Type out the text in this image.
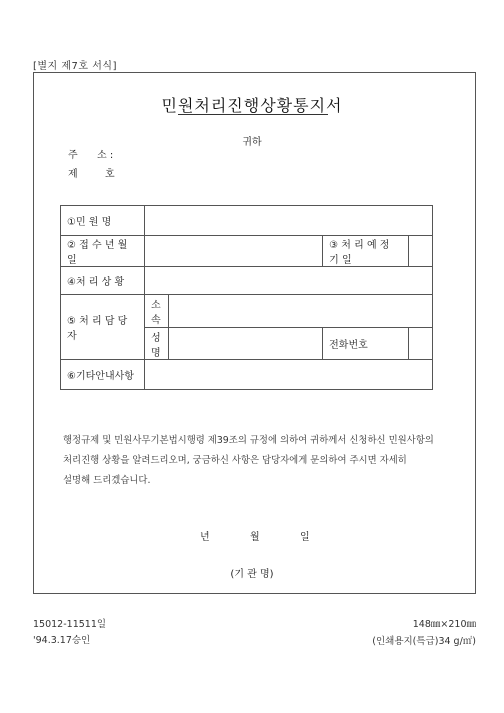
[별지 제7호 서식]
민원처리진행상황통지서
귀하
주 소 :
제	호
①민 원 명				
② 접 수 년 월 일			③ 처 리 예 정 기 일	
④처 리 상 황				
⑤ 처 리 담 당 자	소속			
	성명		전화번호	
⑥기타안내사항				
행정규제 및 민원사무기본법시행령 제39조의 규정에 의하여 귀하께서 신청하신 민원사항의 처리진행 상황을 알려드리오며, 궁금하신 사항은 담당자에게 문의하여 주시면 자세히 설명해 드리겠습니다.
년	월	일
(기 관 명)
15012-11511일
'94.3.17승인
148㎜×210㎜
(인쇄용지(특급)34 g/㎡)
